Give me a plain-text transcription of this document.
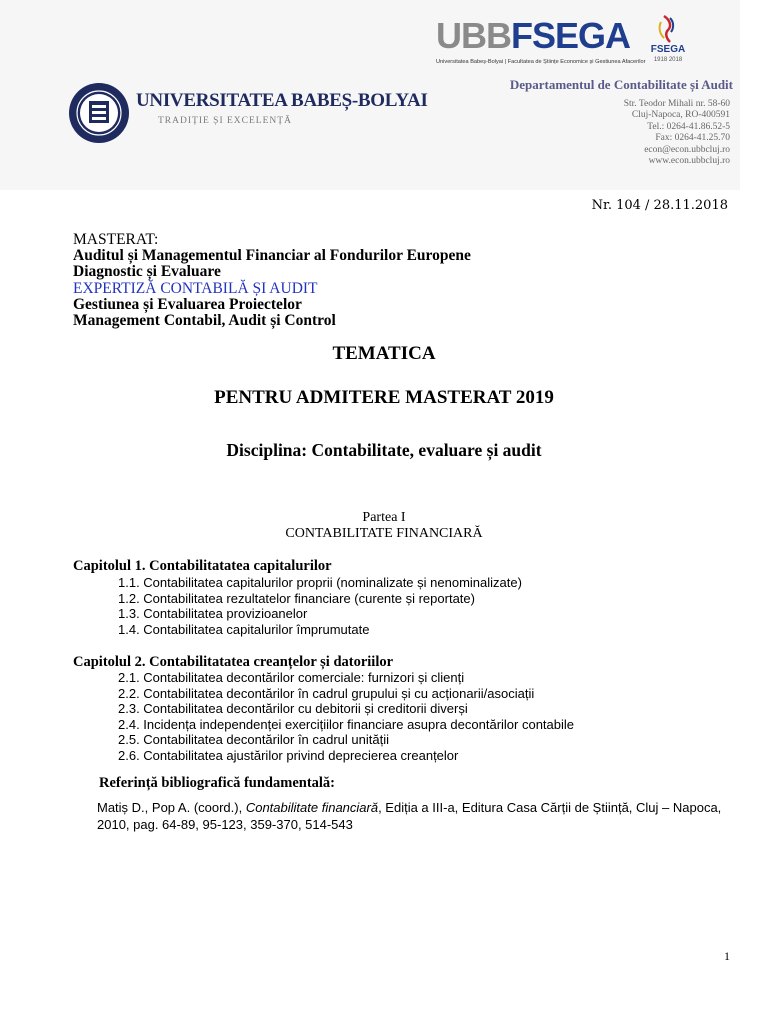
UNIVERSITATEA BABEȘ-BOLYAI
TRADIȚIE ȘI EXCELENȚĂ
UBBFSEGA
Universitatea Babeș-Bolyai | Facultatea de Științe Economice și Gestiunea Afacerilor
FSEGA
1918 2018
Departamentul de Contabilitate și Audit
Str. Teodor Mihali nr. 58-60
Cluj-Napoca, RO-400591
Tel.: 0264-41.86.52-5
Fax: 0264-41.25.70
econ@econ.ubbcluj.ro
www.econ.ubbcluj.ro
Nr. 104 / 28.11.2018
MASTERAT:
Auditul și Managementul Financiar al Fondurilor Europene
Diagnostic și Evaluare
EXPERTIZĂ CONTABILĂ ȘI AUDIT
Gestiunea și Evaluarea Proiectelor
Management Contabil, Audit și Control
TEMATICA
PENTRU ADMITERE MASTERAT 2019
Disciplina: Contabilitate, evaluare și audit
Partea I
CONTABILITATE FINANCIARĂ
Capitolul 1. Contabilitatatea capitalurilor
1.1. Contabilitatea capitalurilor proprii (nominalizate și nenominalizate)
1.2. Contabilitatea rezultatelor financiare (curente și reportate)
1.3. Contabilitatea provizioanelor
1.4. Contabilitatea capitalurilor împrumutate
Capitolul 2. Contabilitatatea creanțelor și datoriilor
2.1. Contabilitatea decontărilor comerciale: furnizori și clienți
2.2. Contabilitatea decontărilor în cadrul grupului și cu acționarii/asociații
2.3. Contabilitatea decontărilor cu debitorii și creditorii diverși
2.4. Incidența independenței exercițiilor financiare asupra decontărilor contabile
2.5. Contabilitatea decontărilor în cadrul unității
2.6. Contabilitatea ajustărilor privind deprecierea creanțelor
Referință bibliografică fundamentală:
Matiș D., Pop A. (coord.), Contabilitate financiară, Ediția a III-a, Editura Casa Cărții de Știință, Cluj – Napoca, 2010, pag. 64-89, 95-123, 359-370, 514-543
1
